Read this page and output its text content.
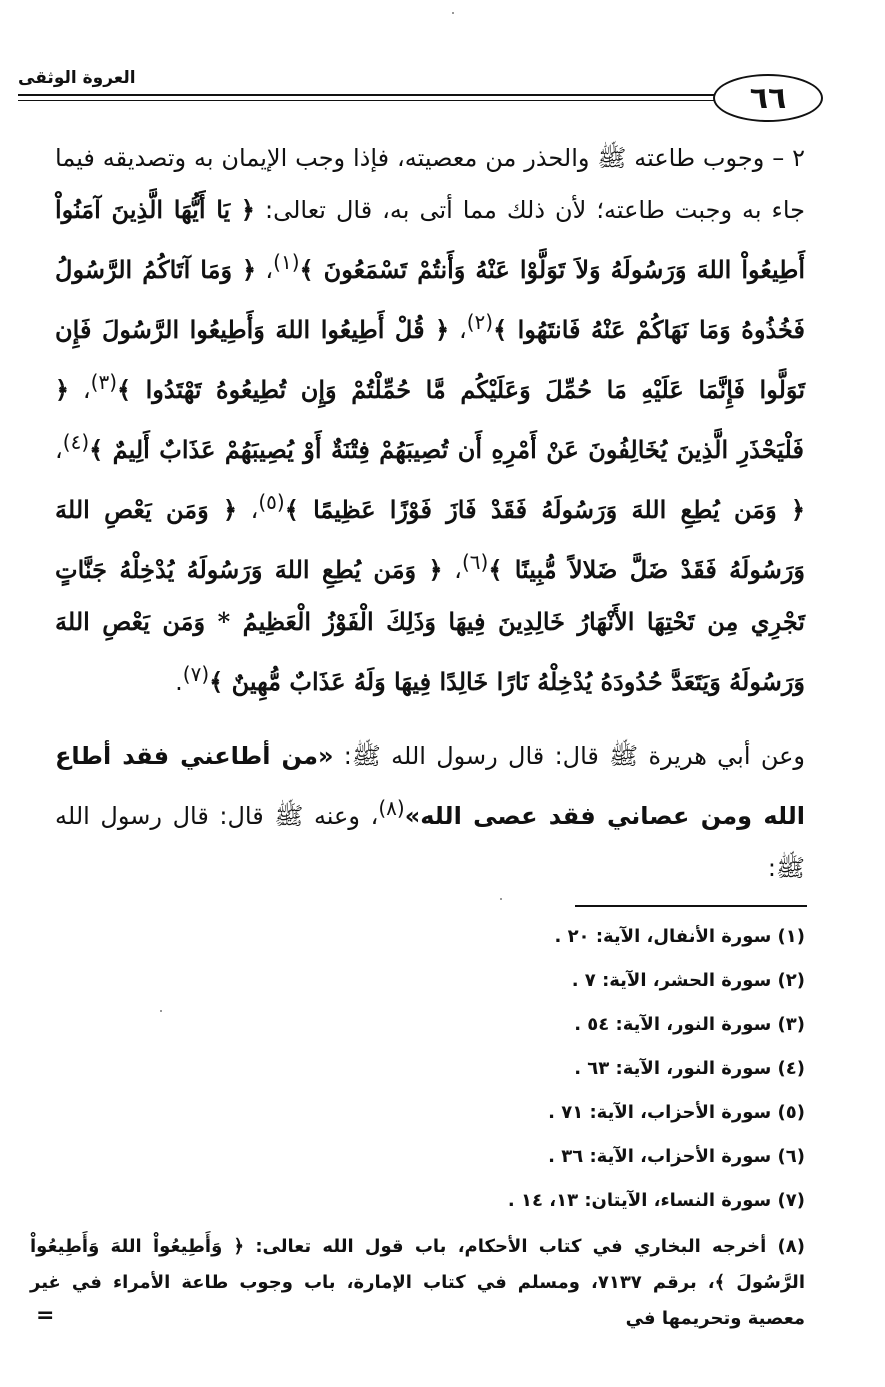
العروة الوثقى
٦٦

٢ – وجوب طاعته ﷺ والحذر من معصيته، فإذا وجب الإيمان به وتصديقه فيما جاء به وجبت طاعته؛ لأن ذلك مما أتى به، قال تعالى: ﴿ يَا أَيُّهَا الَّذِينَ آمَنُواْ أَطِيعُواْ اللهَ وَرَسُولَهُ وَلاَ تَوَلَّوْا عَنْهُ وَأَنتُمْ تَسْمَعُونَ ﴾$^{(١)}$، ﴿ وَمَا آتَاكُمُ الرَّسُولُ فَخُذُوهُ وَمَا نَهَاكُمْ عَنْهُ فَانتَهُوا ﴾$^{(٢)}$، ﴿ قُلْ أَطِيعُوا اللهَ وَأَطِيعُوا الرَّسُولَ فَإِن تَوَلَّوا فَإِنَّمَا عَلَيْهِ مَا حُمِّلَ وَعَلَيْكُم مَّا حُمِّلْتُمْ وَإِن تُطِيعُوهُ تَهْتَدُوا ﴾$^{(٣)}$، ﴿ فَلْيَحْذَرِ الَّذِينَ يُخَالِفُونَ عَنْ أَمْرِهِ أَن تُصِيبَهُمْ فِتْنَةٌ أَوْ يُصِيبَهُمْ عَذَابٌ أَلِيمٌ ﴾$^{(٤)}$، ﴿ وَمَن يُطِعِ اللهَ وَرَسُولَهُ فَقَدْ فَازَ فَوْزًا عَظِيمًا ﴾$^{(٥)}$، ﴿ وَمَن يَعْصِ اللهَ وَرَسُولَهُ فَقَدْ ضَلَّ ضَلالاً مُّبِينًا ﴾$^{(٦)}$، ﴿ وَمَن يُطِعِ اللهَ وَرَسُولَهُ يُدْخِلْهُ جَنَّاتٍ تَجْرِي مِن تَحْتِهَا الأَنْهَارُ خَالِدِينَ فِيهَا وَذَلِكَ الْفَوْزُ الْعَظِيمُ * وَمَن يَعْصِ اللهَ وَرَسُولَهُ وَيَتَعَدَّ حُدُودَهُ يُدْخِلْهُ نَارًا خَالِدًا فِيهَا وَلَهُ عَذَابٌ مُّهِينٌ ﴾$^{(٧)}$.

وعن أبي هريرة ﷺ قال: قال رسول الله ﷺ: «من أطاعني فقد أطاع الله ومن عصاني فقد عصى الله»$^{(٨)}$، وعنه ﷺ قال: قال رسول الله ﷺ:

(١) سورة الأنفال، الآية: ٢٠ .
(٢) سورة الحشر، الآية: ٧ .
(٣) سورة النور، الآية: ٥٤ .
(٤) سورة النور، الآية: ٦٣ .
(٥) سورة الأحزاب، الآية: ٧١ .
(٦) سورة الأحزاب، الآية: ٣٦ .
(٧) سورة النساء، الآيتان: ١٣، ١٤ .
(٨) أخرجه البخاري في كتاب الأحكام، باب قول الله تعالى: ﴿ وَأَطِيعُواْ اللهَ وَأَطِيعُواْ الرَّسُولَ ﴾، برقم ٧١٣٧، ومسلم في كتاب الإمارة، باب وجوب طاعة الأمراء في غير معصية وتحريمها في
=
